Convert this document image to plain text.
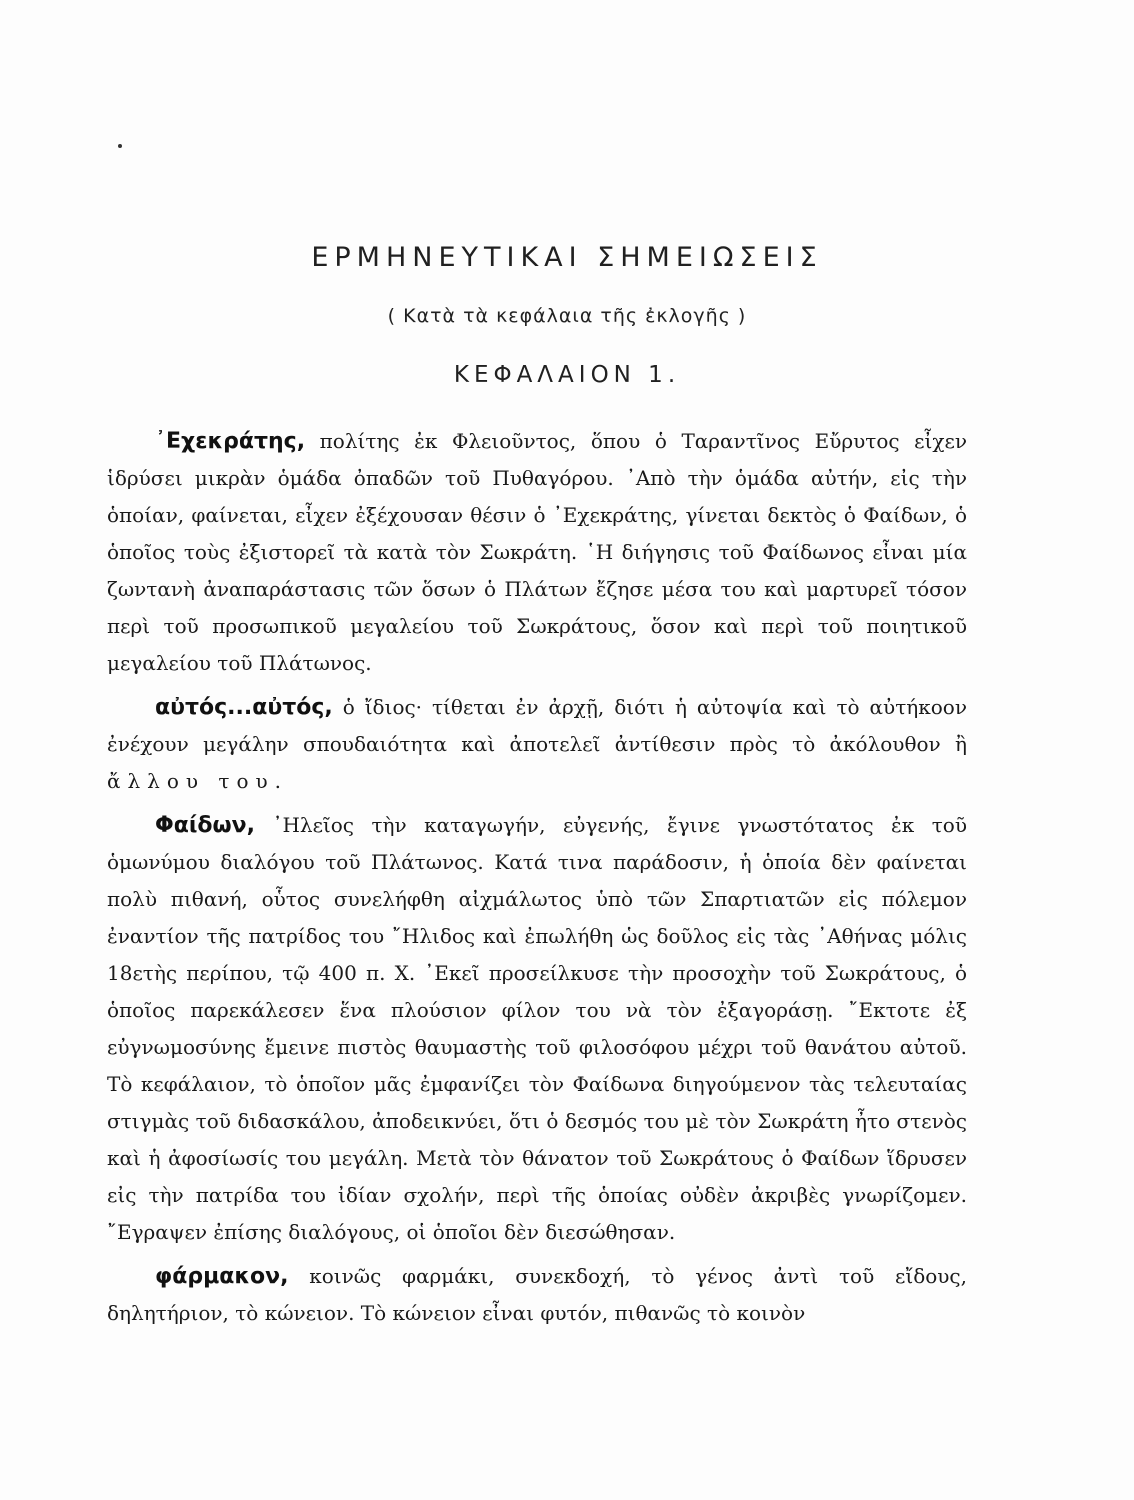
ΕΡΜΗΝΕΥΤΙΚΑΙ ΣΗΜΕΙΩΣΕΙΣ
( Κατὰ τὰ κεφάλαια τῆς ἐκλογῆς )
ΚΕΦΑΛΑΙΟΝ 1.

᾿Εχεκράτης, πολίτης ἐκ Φλειοῦντος, ὅπου ὁ Ταραντῖνος Εὔρυτος εἶχεν ἱδρύσει μικρὰν ὁμάδα ὀπαδῶν τοῦ Πυθαγόρου. ᾿Απὸ τὴν ὁμάδα αὐτήν, εἰς τὴν ὁποίαν, φαίνεται, εἶχεν ἐξέχουσαν θέσιν ὁ ᾿Εχεκράτης, γίνεται δεκτὸς ὁ Φαίδων, ὁ ὁποῖος τοὺς ἐξιστορεῖ τὰ κατὰ τὸν Σωκράτη. ῾Η διήγησις τοῦ Φαίδωνος εἶναι μία ζωντανὴ ἀναπαράστασις τῶν ὅσων ὁ Πλάτων ἔζησε μέσα του καὶ μαρτυρεῖ τόσον περὶ τοῦ προσωπικοῦ μεγαλείου τοῦ Σωκράτους, ὅσον καὶ περὶ τοῦ ποιητικοῦ μεγαλείου τοῦ Πλάτωνος.

αὐτός...αὐτός, ὁ ἴδιος· τίθεται ἐν ἀρχῇ, διότι ἡ αὐτοψία καὶ τὸ αὐτήκοον ἐνέχουν μεγάλην σπουδαιότητα καὶ ἀποτελεῖ ἀντίθεσιν πρὸς τὸ ἀκόλουθον ἢ ἄλλου του.

Φαίδων, ᾿Ηλεῖος τὴν καταγωγήν, εὐγενής, ἔγινε γνωστότατος ἐκ τοῦ ὁμωνύμου διαλόγου τοῦ Πλάτωνος. Κατά τινα παράδοσιν, ἡ ὁποία δὲν φαίνεται πολὺ πιθανή, οὗτος συνελήφθη αἰχμάλωτος ὑπὸ τῶν Σπαρτιατῶν εἰς πόλεμον ἐναντίον τῆς πατρίδος του ῎Ηλιδος καὶ ἐπωλήθη ὡς δοῦλος εἰς τὰς ᾿Αθήνας μόλις 18ετὴς περίπου, τῷ 400 π. Χ. ᾿Εκεῖ προσείλκυσε τὴν προσοχὴν τοῦ Σωκράτους, ὁ ὁποῖος παρεκάλεσεν ἕνα πλούσιον φίλον του νὰ τὸν ἐξαγοράσῃ. ῎Εκτοτε ἐξ εὐγνωμοσύνης ἔμεινε πιστὸς θαυμαστὴς τοῦ φιλοσόφου μέχρι τοῦ θανάτου αὐτοῦ. Τὸ κεφάλαιον, τὸ ὁποῖον μᾶς ἐμφανίζει τὸν Φαίδωνα διηγούμενον τὰς τελευταίας στιγμὰς τοῦ διδασκάλου, ἀποδεικνύει, ὅτι ὁ δεσμός του μὲ τὸν Σωκράτη ἦτο στενὸς καὶ ἡ ἀφοσίωσίς του μεγάλη. Μετὰ τὸν θάνατον τοῦ Σωκράτους ὁ Φαίδων ἵδρυσεν εἰς τὴν πατρίδα του ἰδίαν σχολήν, περὶ τῆς ὁποίας οὐδὲν ἀκριβὲς γνωρίζομεν. ῎Εγραψεν ἐπίσης διαλόγους, οἱ ὁποῖοι δὲν διεσώθησαν.

φάρμακον, κοινῶς φαρμάκι, συνεκδοχή, τὸ γένος ἀντὶ τοῦ εἴδους, δηλητήριον, τὸ κώνειον. Τὸ κώνειον εἶναι φυτόν, πιθανῶς τὸ κοινὸν
